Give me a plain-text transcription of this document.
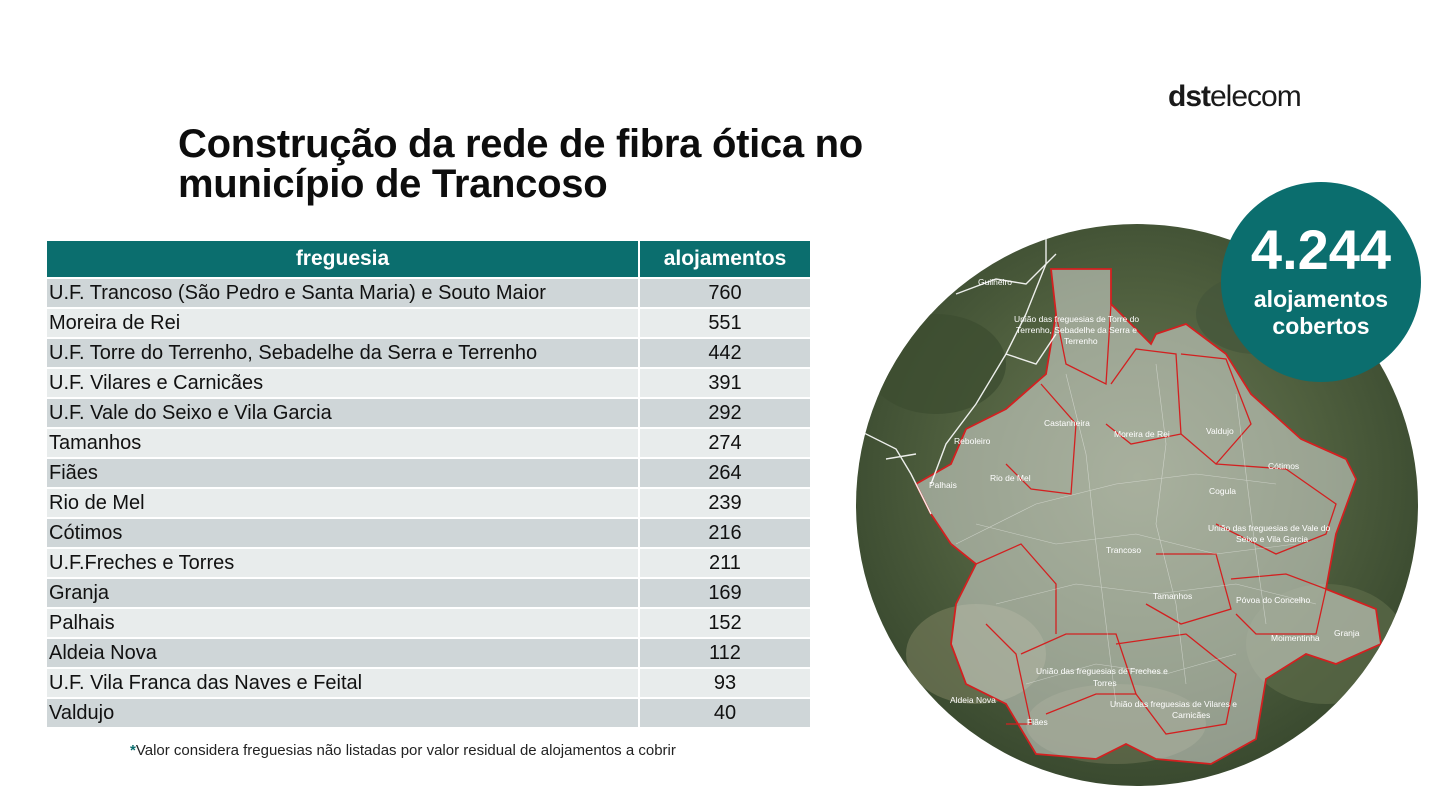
dstelecom
Construção da rede de fibra ótica no
município de Trancoso
freguesia	alojamentos
U.F. Trancoso (São Pedro e Santa Maria) e Souto Maior	760
Moreira de Rei	551
U.F. Torre do Terrenho, Sebadelhe da Serra e Terrenho	442
U.F. Vilares e Carnicães	391
U.F. Vale do Seixo e Vila Garcia	292
Tamanhos	274
Fiães	264
Rio de Mel	239
Cótimos	216
U.F.Freches e Torres	211
Granja	169
Palhais	152
Aldeia Nova	112
U.F. Vila Franca das Naves e Feital	93
Valdujo	40
*Valor considera freguesias não listadas por valor residual de alojamentos a cobrir
Guilheiro
União das freguesias de Torre do
Terrenho, Sebadelhe da Serra e
Terrenho
Castanheira
Moreira de Rei	Valdujo
Reboleiro
Rio de Mel
Palhais
Cótimos
Cogula
União das freguesias de Vale do
Seixo e Vila Garcia
Trancoso
Tamanhos	Póvoa do Concelho
Moimentinha Granja
União das freguesias de Freches e
Torres
Fiães
Aldeia Nova	União das freguesias de Vilares e
Carnicães
4.244
alojamentos
cobertos
